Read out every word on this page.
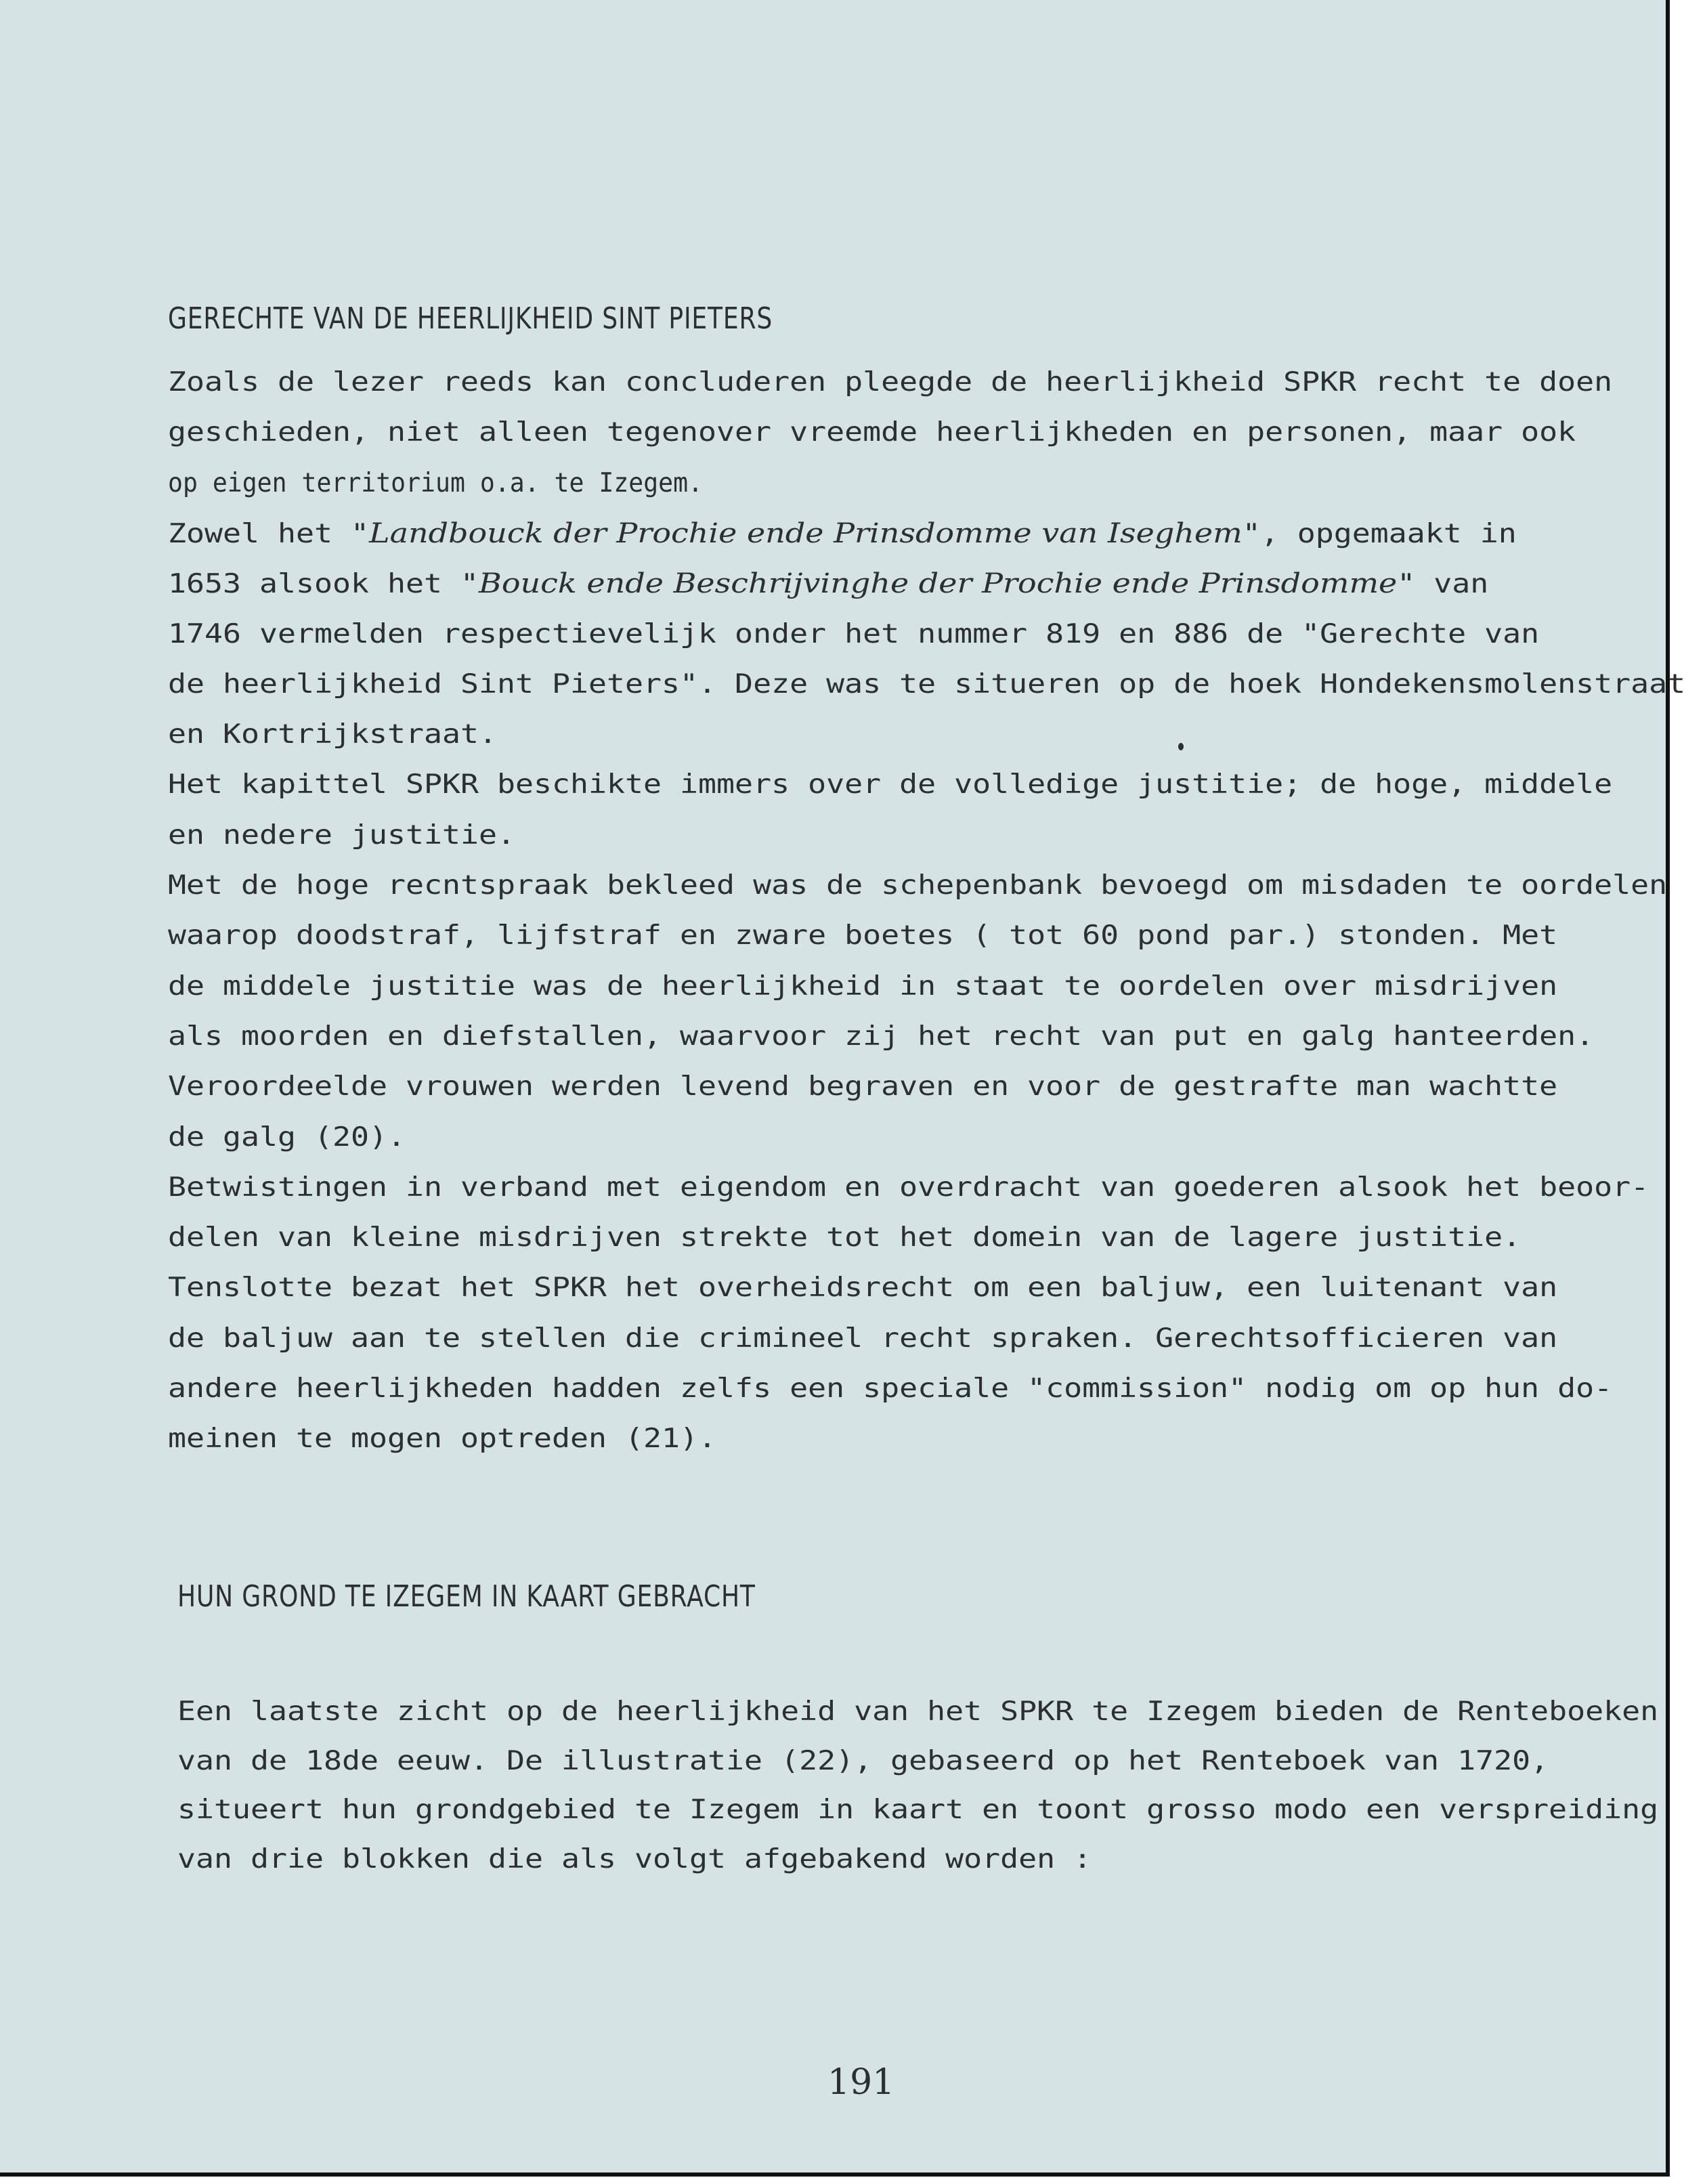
GERECHTE VAN DE HEERLIJKHEID SINT PIETERS
Zoals de lezer reeds kan concluderen pleegde de heerlijkheid SPKR recht te doen
geschieden, niet alleen tegenover vreemde heerlijkheden en personen, maar ook
op eigen territorium o.a. te Izegem.
Zowel het "Landbouck der Prochie ende Prinsdomme van Iseghem", opgemaakt in
1653 alsook het "Bouck ende Beschrijvinghe der Prochie ende Prinsdomme" van
1746 vermelden respectievelijk onder het nummer 819 en 886 de "Gerechte van
de heerlijkheid Sint Pieters". Deze was te situeren op de hoek Hondekensmolenstraat
en Kortrijkstraat.
Het kapittel SPKR beschikte immers over de volledige justitie; de hoge, middele
en nedere justitie.
Met de hoge recntspraak bekleed was de schepenbank bevoegd om misdaden te oordelen
waarop doodstraf, lijfstraf en zware boetes ( tot 60 pond par.) stonden. Met
de middele justitie was de heerlijkheid in staat te oordelen over misdrijven
als moorden en diefstallen, waarvoor zij het recht van put en galg hanteerden.
Veroordeelde vrouwen werden levend begraven en voor de gestrafte man wachtte
de galg (20).
Betwistingen in verband met eigendom en overdracht van goederen alsook het beoor-
delen van kleine misdrijven strekte tot het domein van de lagere justitie.
Tenslotte bezat het SPKR het overheidsrecht om een baljuw, een luitenant van
de baljuw aan te stellen die crimineel recht spraken. Gerechtsofficieren van
andere heerlijkheden hadden zelfs een speciale "commission" nodig om op hun do-
meinen te mogen optreden (21).
HUN GROND TE IZEGEM IN KAART GEBRACHT
Een laatste zicht op de heerlijkheid van het SPKR te Izegem bieden de Renteboeken
van de 18de eeuw. De illustratie (22), gebaseerd op het Renteboek van 1720,
situeert hun grondgebied te Izegem in kaart en toont grosso modo een verspreiding
van drie blokken die als volgt afgebakend worden :
191
